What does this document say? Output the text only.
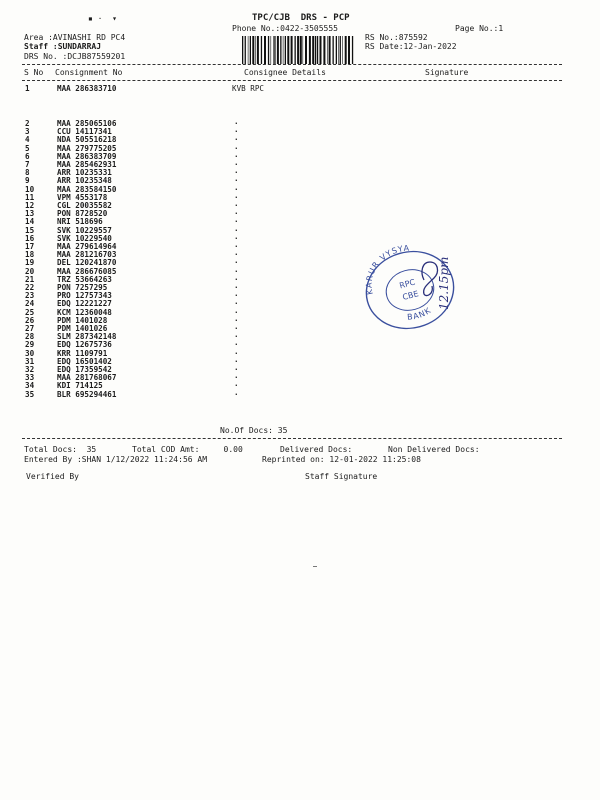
▪ ·  ▾	TPC/CJB  DRS - PCP
Phone No.:0422-3505555	Page No.:1
Area :AVINASHI RD PC4
Staff :SUNDARRAJ
DRS No. :DCJB87559201
RS No.:875592
RS Date:12-Jan-2022
S No Consignment No	Consignee Details	Signature
1	MAA 286383710	KVB RPC
2	MAA 285065106	·
3	CCU 14117341	·
4	NDA 505516218	·
5	MAA 279775205	·
6	MAA 286383709	·
7	MAA 285462931	·
8	ARR 10235331	·
9	ARR 10235348	·
10	MAA 283584150	·
11	VPM 4553178	·
12	CGL 20035582	·
13	PON 8728520	·
14	NRI 518696	·
15	SVK 10229557	·
16	SVK 10229540	·
17	MAA 279614964	·
18	MAA 281216703	·
19	DEL 120241870	·
20	MAA 286676085	·
21	TRZ 53664263	·
22	PON 7257295	·
23	PRO 12757343	·
24	EDQ 12221227	·
25	KCM 12360048	·
26	PDM 1401028	·
27	PDM 1401026	·
28	SLM 287342148	·
29	EDQ 12675736	·
30	KRR 1109791	·
31	EDQ 16501402	·
32	EDQ 17359542	·
33	MAA 281768067	·
34	KDI 714125	·
35	BLR 695294461	·
KARUR VYSYA
BANK
RPC
CBE 12.15pm
No.Of Docs: 35
Total Docs:  35	Total COD Amt:     0.00	Delivered Docs:	Non Delivered Docs:
Entered By :SHAN 1/12/2022 11:24:56 AM	Reprinted on: 12-01-2022 11:25:08
Verified By	Staff Signature
